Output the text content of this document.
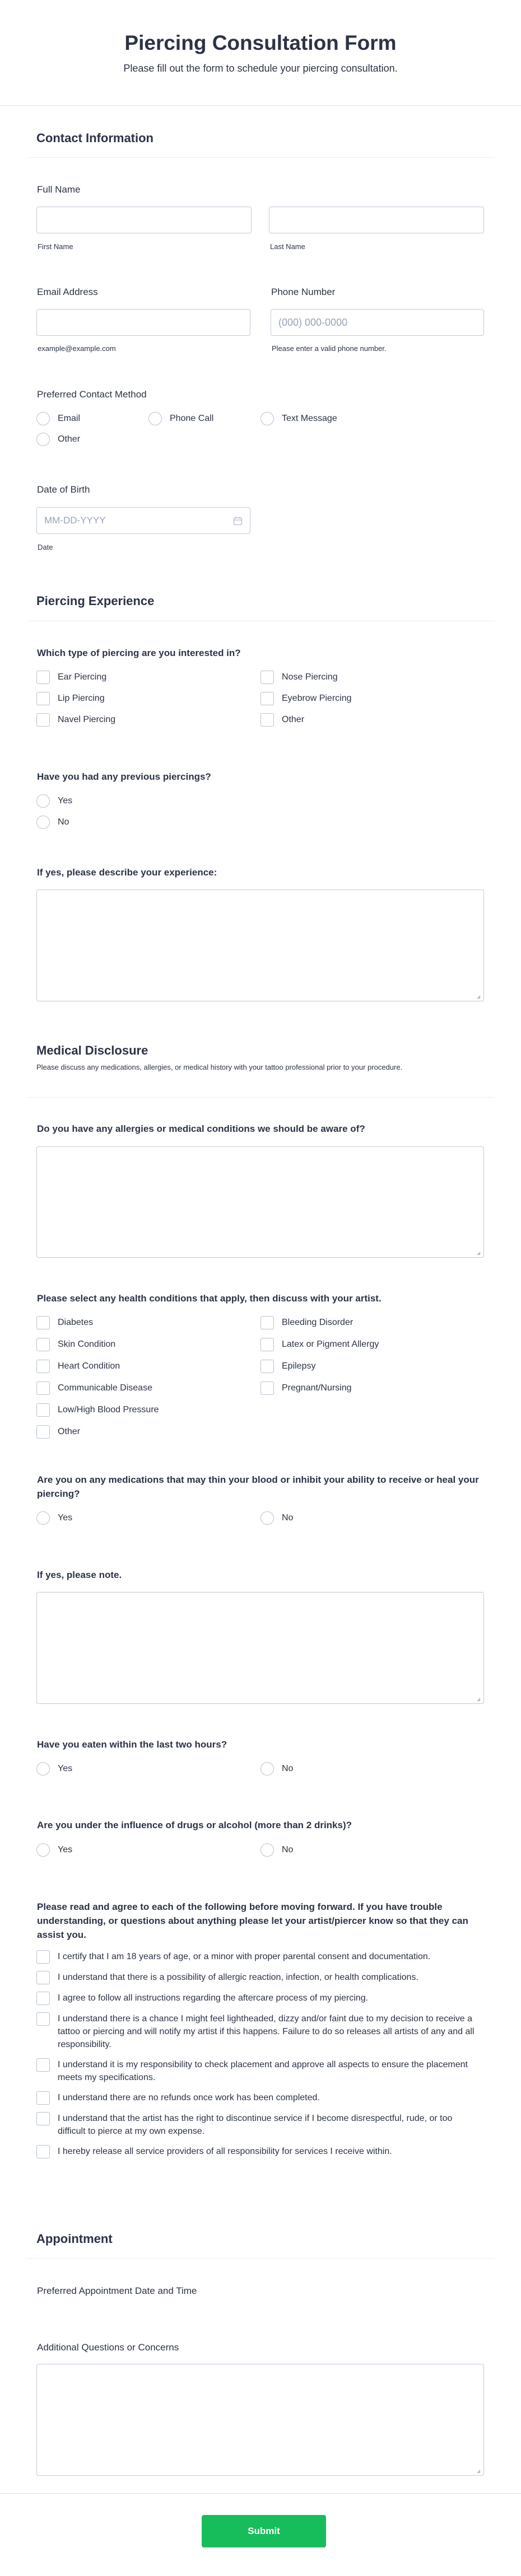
Piercing Consultation Form
Please fill out the form to schedule your piercing consultation.
Contact Information
Full Name
First Name	Last Name
Email Address	Phone Number
(000) 000-0000
example@example.com	Please enter a valid phone number.
Preferred Contact Method
Email	Phone Call	Text Message
Other
Date of Birth
MM-DD-YYYY
Date
Piercing Experience
Which type of piercing are you interested in?
Ear Piercing	Nose Piercing
Lip Piercing	Eyebrow Piercing
Navel Piercing	Other
Have you had any previous piercings?
Yes
No
If yes, please describe your experience:
◢
Medical Disclosure
Please discuss any medications, allergies, or medical history with your tattoo professional prior to your procedure.
Do you have any allergies or medical conditions we should be aware of?
◢
Please select any health conditions that apply, then discuss with your artist.
Diabetes	Bleeding Disorder
Skin Condition	Latex or Pigment Allergy
Heart Condition	Epilepsy
Communicable Disease	Pregnant/Nursing
Low/High Blood Pressure
Other
Are you on any medications that may thin your blood or inhibit your ability to receive or heal your piercing?
Yes	No
If yes, please note.
◢
Have you eaten within the last two hours?
Yes	No
Are you under the influence of drugs or alcohol (more than 2 drinks)?
Yes	No
Please read and agree to each of the following before moving forward. If you have trouble understanding, or questions about anything please let your artist/piercer know so that they can assist you.
I certify that I am 18 years of age, or a minor with proper parental consent and documentation.
I understand that there is a possibility of allergic reaction, infection, or health complications.
I agree to follow all instructions regarding the aftercare process of my piercing.
I understand there is a chance I might feel lightheaded, dizzy and/or faint due to my decision to receive a tattoo or piercing and will notify my artist if this happens. Failure to do so releases all artists of any and all responsibility.
I understand it is my responsibility to check placement and approve all aspects to ensure the placement meets my specifications.
I understand there are no refunds once work has been completed.
I understand that the artist has the right to discontinue service if I become disrespectful, rude, or too difficult to pierce at my own expense.
I hereby release all service providers of all responsibility for services I receive within.
Appointment
Preferred Appointment Date and Time
Additional Questions or Concerns
◢
Submit
